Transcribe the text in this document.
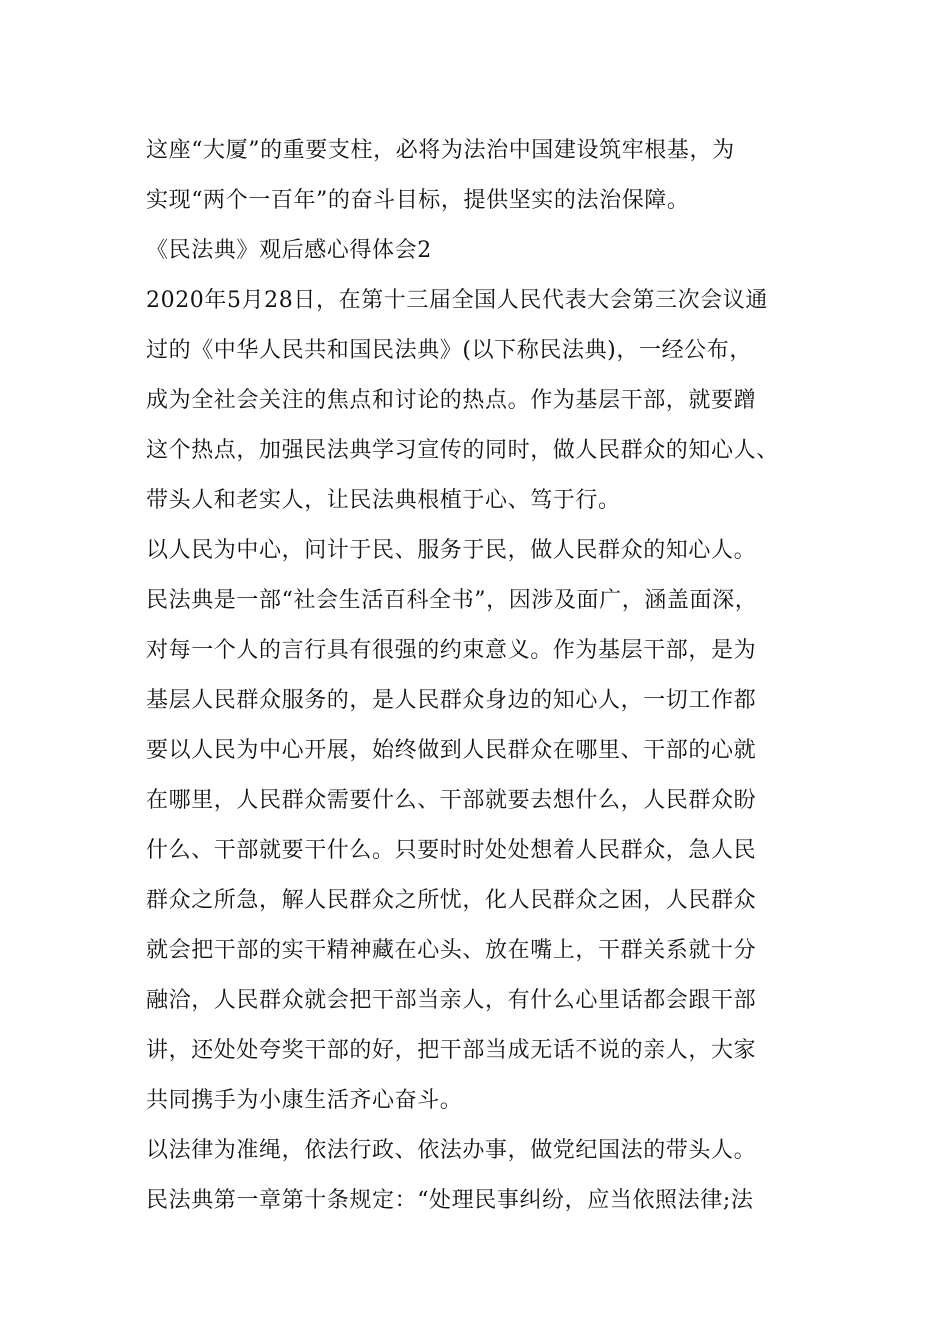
这座“大厦”的重要支柱，必将为法治中国建设筑牢根基，为
实现“两个一百年”的奋斗目标，提供坚实的法治保障。
《民法典》观后感心得体会2
2020年5月28日，在第十三届全国人民代表大会第三次会议通
过的《中华人民共和国民法典》(以下称民法典)，一经公布，
成为全社会关注的焦点和讨论的热点。作为基层干部，就要蹭
这个热点，加强民法典学习宣传的同时，做人民群众的知心人、
带头人和老实人，让民法典根植于心、笃于行。
以人民为中心，问计于民、服务于民，做人民群众的知心人。
民法典是一部“社会生活百科全书”，因涉及面广，涵盖面深，
对每一个人的言行具有很强的约束意义。作为基层干部，是为
基层人民群众服务的，是人民群众身边的知心人，一切工作都
要以人民为中心开展，始终做到人民群众在哪里、干部的心就
在哪里，人民群众需要什么、干部就要去想什么，人民群众盼
什么、干部就要干什么。只要时时处处想着人民群众，急人民
群众之所急，解人民群众之所忧，化人民群众之困，人民群众
就会把干部的实干精神藏在心头、放在嘴上，干群关系就十分
融洽，人民群众就会把干部当亲人，有什么心里话都会跟干部
讲，还处处夸奖干部的好，把干部当成无话不说的亲人，大家
共同携手为小康生活齐心奋斗。
以法律为准绳，依法行政、依法办事，做党纪国法的带头人。
民法典第一章第十条规定：“处理民事纠纷，应当依照法律;法
